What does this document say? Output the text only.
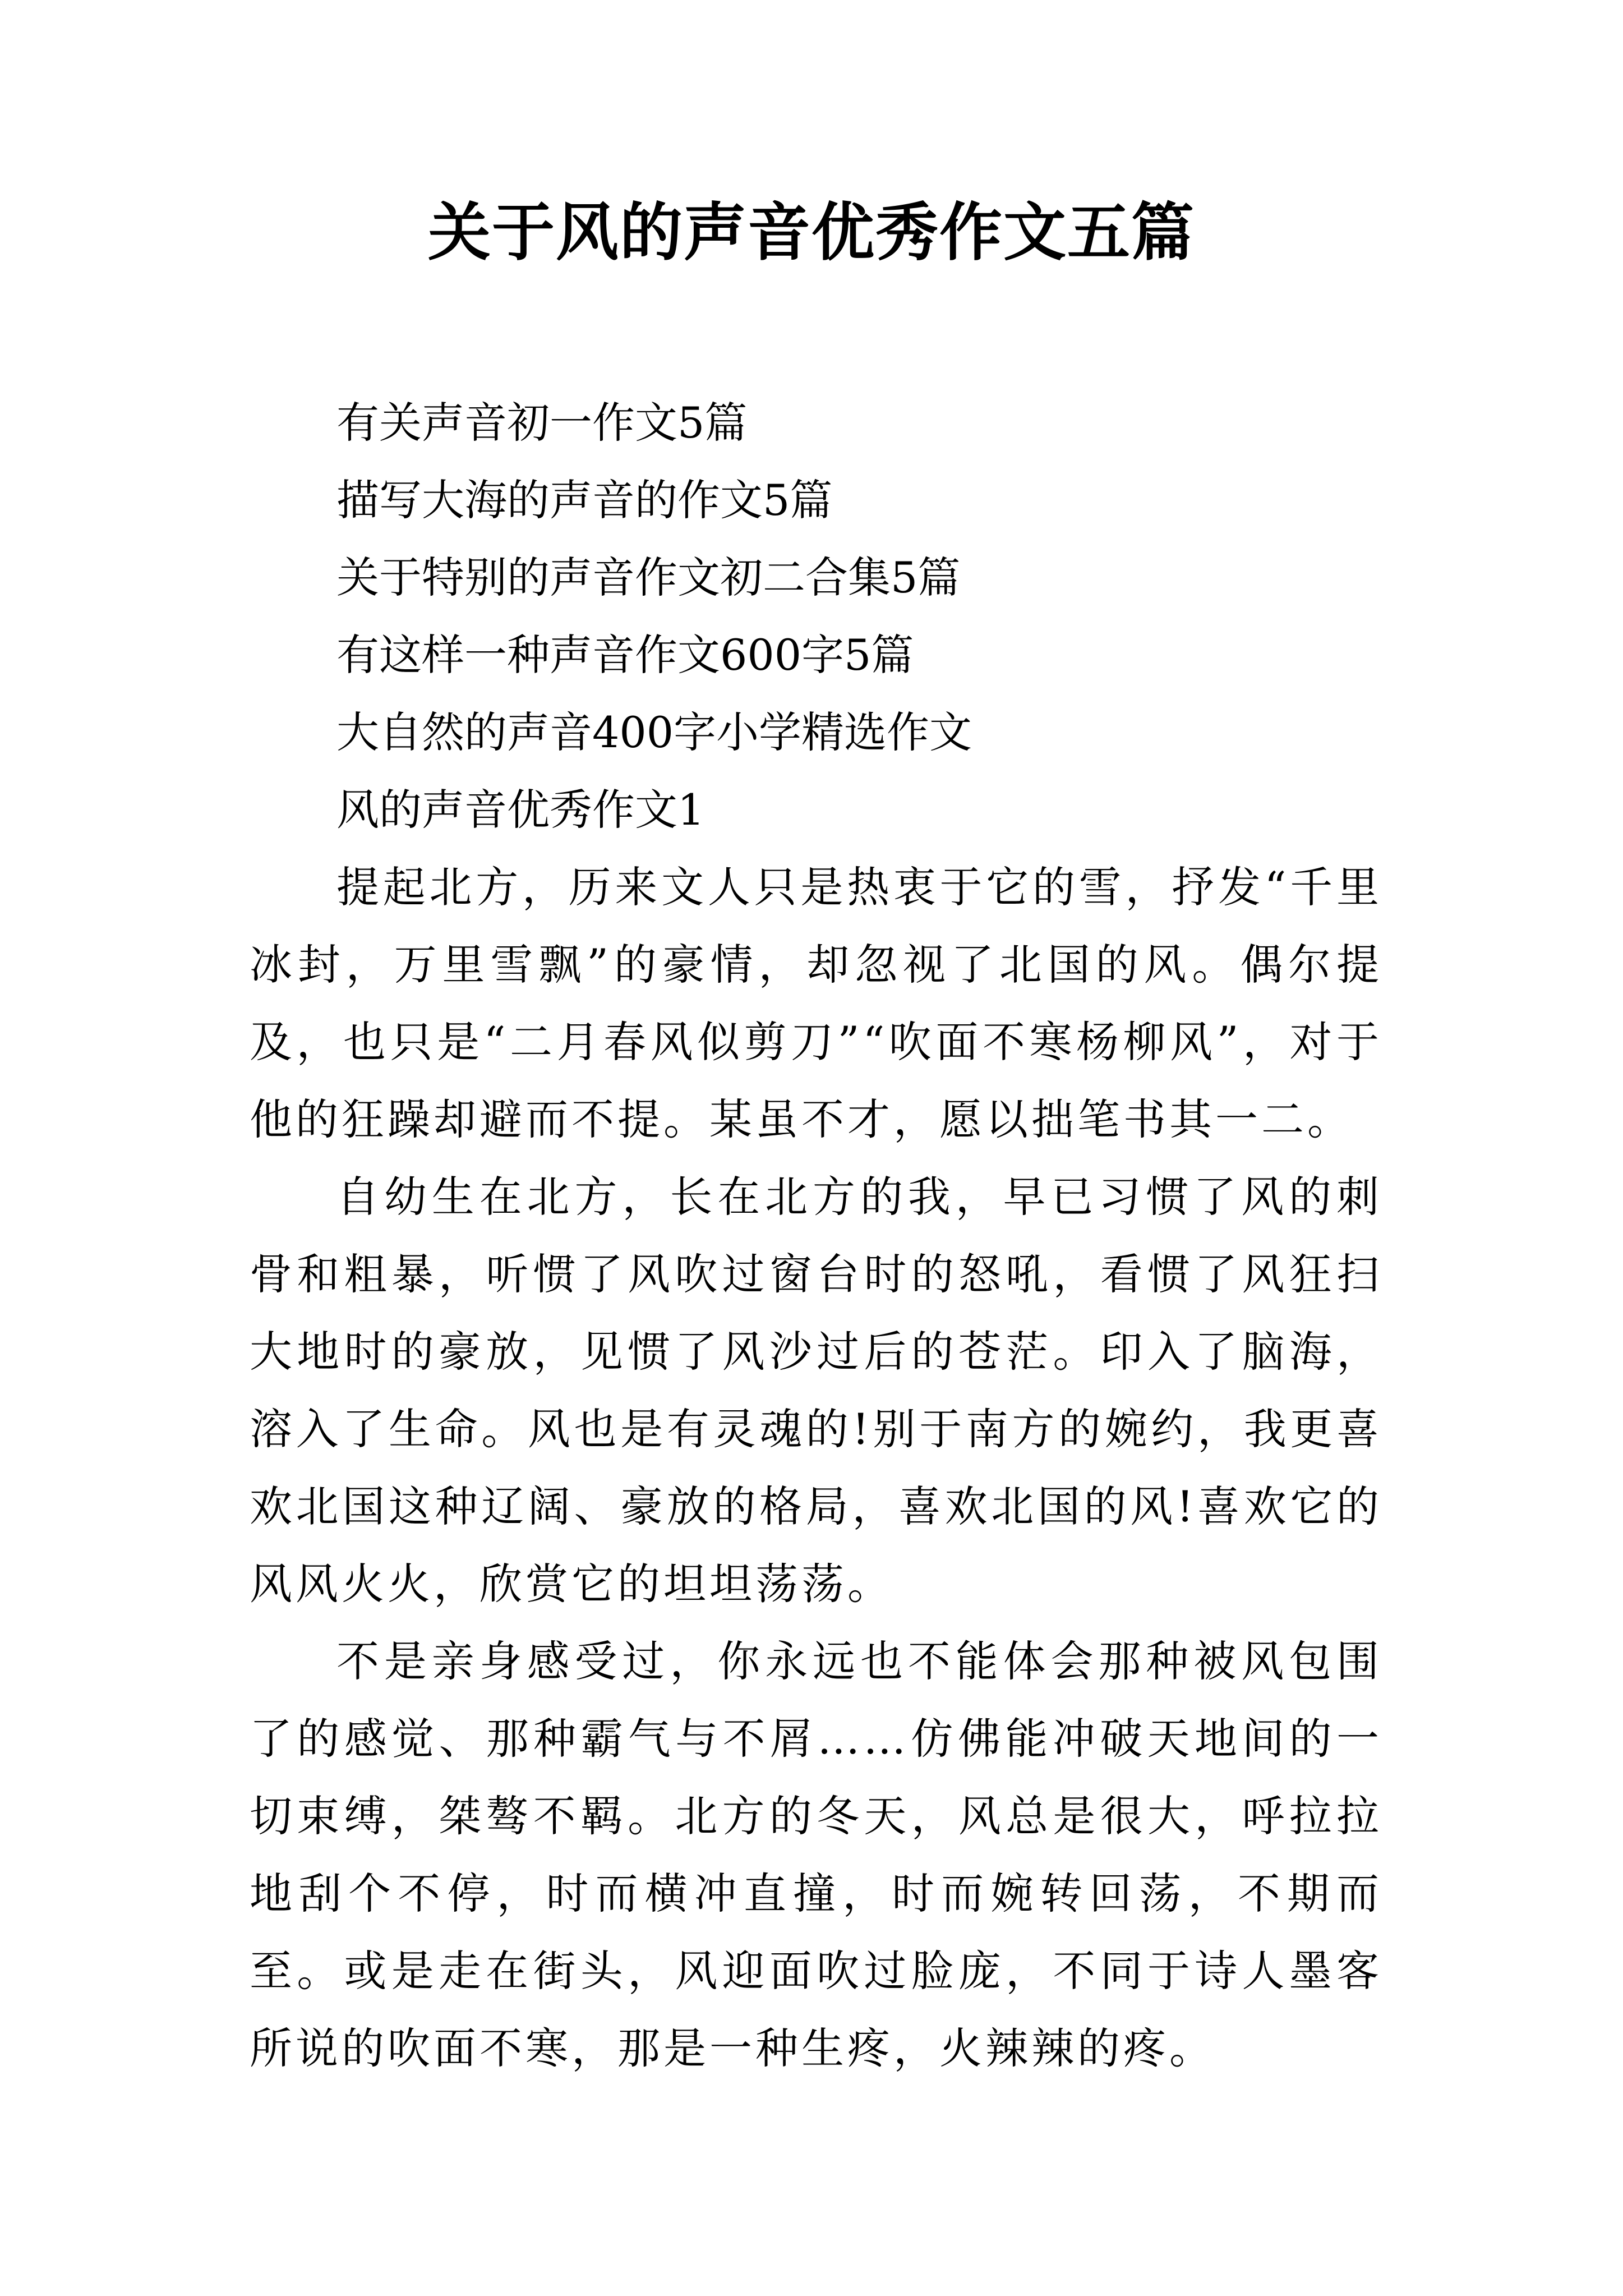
关于风的声音优秀作文五篇
有关声音初一作文5篇
描写大海的声音的作文5篇
关于特别的声音作文初二合集5篇
有这样一种声音作文600字5篇
大自然的声音400字小学精选作文

风的声音优秀作文1

提起北方，历来文人只是热衷于它的雪，抒发“千里冰封，万里雪飘”的豪情，却忽视了北国的风。偶尔提及，也只是“二月春风似剪刀”“吹面不寒杨柳风”，对于他的狂躁却避而不提。某虽不才，愿以拙笔书其一二。

自幼生在北方，长在北方的我，早已习惯了风的刺骨和粗暴，听惯了风吹过窗台时的怒吼，看惯了风狂扫大地时的豪放，见惯了风沙过后的苍茫。印入了脑海，溶入了生命。风也是有灵魂的!别于南方的婉约，我更喜欢北国这种辽阔、豪放的格局，喜欢北国的风!喜欢它的风风火火，欣赏它的坦坦荡荡。

不是亲身感受过，你永远也不能体会那种被风包围了的感觉、那种霸气与不屑……仿佛能冲破天地间的一切束缚，桀骜不羁。北方的冬天，风总是很大，呼拉拉地刮个不停，时而横冲直撞，时而婉转回荡，不期而至。或是走在街头，风迎面吹过脸庞，不同于诗人墨客所说的吹面不寒，那是一种生疼，火辣辣的疼。
